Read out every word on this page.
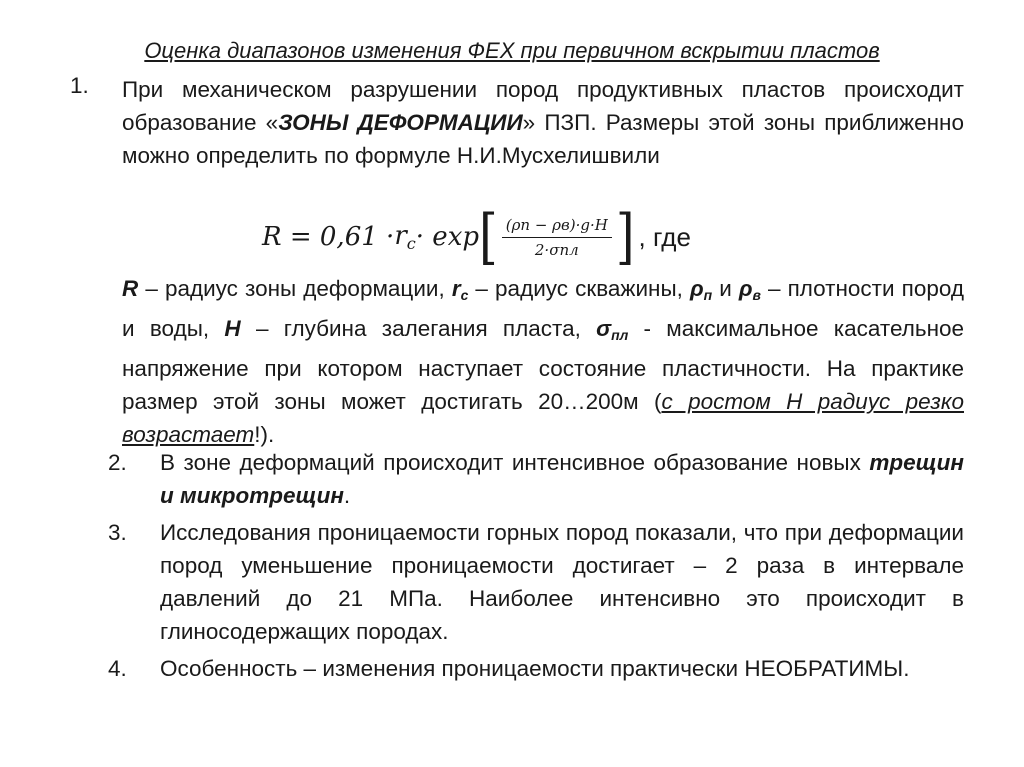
Оценка диапазонов изменения ФЕХ при первичном вскрытии пластов
1. При механическом разрушении пород продуктивных пластов происходит образование «ЗОНЫ ДЕФОРМАЦИИ» ПЗП. Размеры этой зоны приближенно можно определить по формуле Н.И.Мусхелишвили
$R = 0,61 \cdot r_c \cdot \exp$ [ $\frac{(\rho п - \rho в)\cdot g\cdot H}{\text{2·σпл}}$ ] , где
R – радиус зоны деформации, $r_c$ – радиус скважины, $\rho_п$ и $\rho_в$ – плотности пород и воды, H – глубина залегания пласта, $\sigma_{пл}$ - максимальное касательное напряжение при котором наступает состояние пластичности. На практике размер этой зоны может достигать 20…200м (с ростом H радиус резко возрастает!).
2.	В зоне деформаций происходит интенсивное образование новых трещин и микротрещин.
3.	Исследования проницаемости горных пород показали, что при деформации пород уменьшение проницаемости достигает – 2 раза в интервале давлений до 21 МПа. Наиболее интенсивно это происходит в глиносодержащих породах.
4.	Особенность – изменения проницаемости практически НЕОБРАТИМЫ.
